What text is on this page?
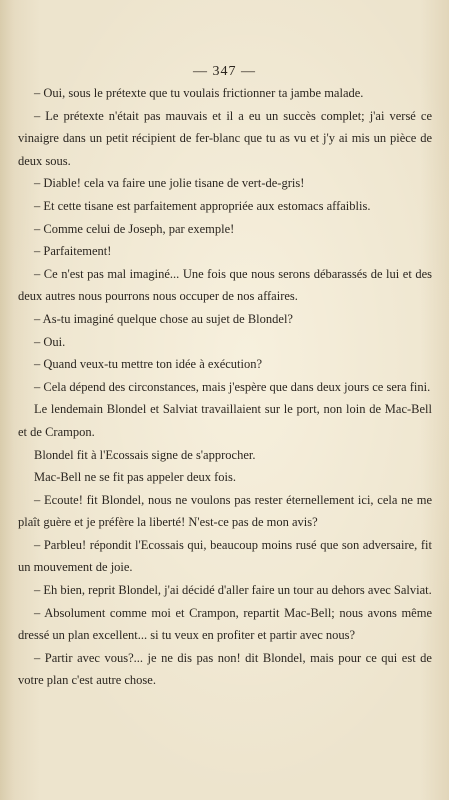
— 347 —

– Oui, sous le prétexte que tu voulais frictionner ta jambe malade.

– Le prétexte n'était pas mauvais et il a eu un succès complet; j'ai versé ce vinaigre dans un petit récipient de fer-blanc que tu as vu et j'y ai mis un pièce de deux sous.

– Diable! cela va faire une jolie tisane de vert-de-gris!

– Et cette tisane est parfaitement appropriée aux estomacs affaiblis.

– Comme celui de Joseph, par exemple!

– Parfaitement!

– Ce n'est pas mal imaginé... Une fois que nous serons débarassés de lui et des deux autres nous pourrons nous occuper de nos affaires.

– As-tu imaginé quelque chose au sujet de Blondel?

– Oui.

– Quand veux-tu mettre ton idée à exécution?

– Cela dépend des circonstances, mais j'espère que dans deux jours ce sera fini.

Le lendemain Blondel et Salviat travaillaient sur le port, non loin de Mac-Bell et de Crampon.

Blondel fit à l'Ecossais signe de s'approcher.

Mac-Bell ne se fit pas appeler deux fois.

– Ecoute! fit Blondel, nous ne voulons pas rester éternellement ici, cela ne me plaît guère et je préfère la liberté! N'est-ce pas de mon avis?

– Parbleu! répondit l'Ecossais qui, beaucoup moins rusé que son adversaire, fit un mouvement de joie.

– Eh bien, reprit Blondel, j'ai décidé d'aller faire un tour au dehors avec Salviat.

– Absolument comme moi et Crampon, repartit Mac-Bell; nous avons même dressé un plan excellent... si tu veux en profiter et partir avec nous?

– Partir avec vous?... je ne dis pas non! dit Blondel, mais pour ce qui est de votre plan c'est autre chose.
